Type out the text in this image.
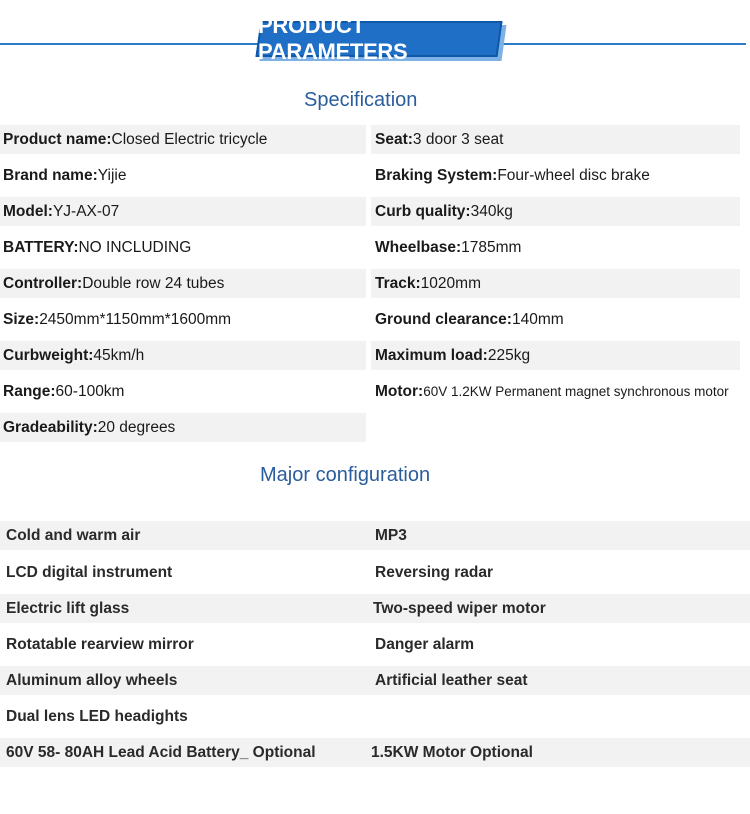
PRODUCT PARAMETERS
Specification
Product name: Closed Electric tricycle
Brand name: Yijie
Model: YJ-AX-07
BATTERY: NO INCLUDING
Controller: Double row 24 tubes
Size: 2450mm*1150mm*1600mm
Curbweight: 45km/h
Range: 60-100km
Gradeability: 20 degrees
Seat: 3 door 3 seat
Braking System: Four-wheel disc brake
Curb quality: 340kg
Wheelbase: 1785mm
Track: 1020mm
Ground clearance: 140mm
Maximum load: 225kg
Motor: 60V 1.2KW Permanent magnet synchronous motor
Major configuration
Cold and warm air	MP3
LCD digital instrument	Reversing radar
Electric lift glass	Two-speed wiper motor
Rotatable rearview mirror	Danger alarm
Aluminum alloy wheels	Artificial leather seat
Dual lens LED headights
60V 58- 80AH Lead Acid Battery_ Optional	1.5KW Motor Optional
